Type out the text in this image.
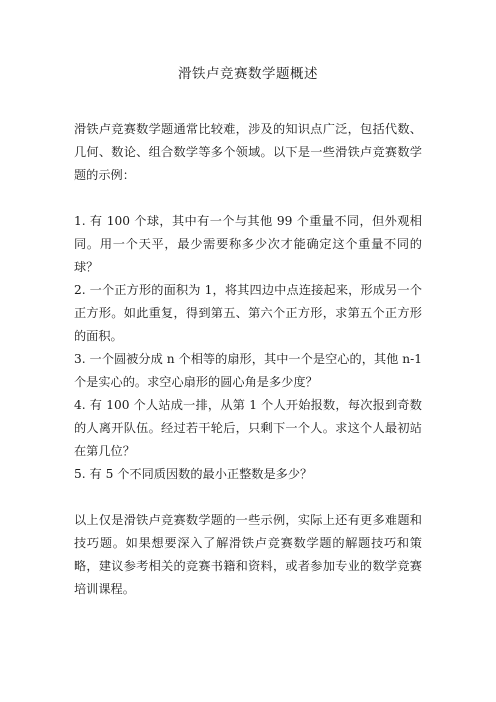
滑铁卢竞赛数学题概述

滑铁卢竞赛数学题通常比较难，涉及的知识点广泛，包括代数、几何、数论、组合数学等多个领域。以下是一些滑铁卢竞赛数学题的示例：

1. 有 100 个球，其中有一个与其他 99 个重量不同，但外观相同。用一个天平，最少需要称多少次才能确定这个重量不同的球？

2. 一个正方形的面积为 1，将其四边中点连接起来，形成另一个正方形。如此重复，得到第五、第六个正方形，求第五个正方形的面积。

3. 一个圆被分成 n 个相等的扇形，其中一个是空心的，其他 n-1 个是实心的。求空心扇形的圆心角是多少度？

4. 有 100 个人站成一排，从第 1 个人开始报数，每次报到奇数的人离开队伍。经过若干轮后，只剩下一个人。求这个人最初站在第几位？

5. 有 5 个不同质因数的最小正整数是多少？

以上仅是滑铁卢竞赛数学题的一些示例，实际上还有更多难题和技巧题。如果想要深入了解滑铁卢竞赛数学题的解题技巧和策略，建议参考相关的竞赛书籍和资料，或者参加专业的数学竞赛培训课程。
